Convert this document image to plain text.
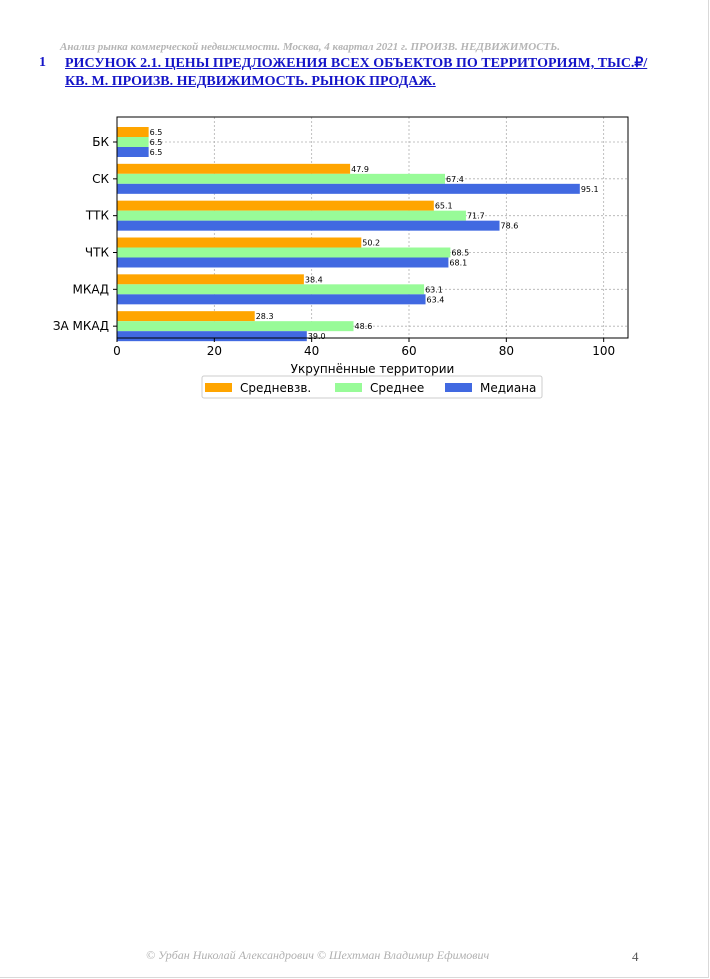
Анализ рынка коммерческой недвижимости. Москва, 4 квартал 2021 г. ПРОИЗВ. НЕДВИЖИМОСТЬ.
1 РИСУНОК 2.1. ЦЕНЫ ПРЕДЛОЖЕНИЯ ВСЕХ ОБЪЕКТОВ ПО ТЕРРИТОРИЯМ, ТЫС.₽/КВ. М. ПРОИЗВ. НЕДВИЖИМОСТЬ. РЫНОК ПРОДАЖ.
6.5
6.5
6.5
47.9
67.4
95.1
65.1
71.7
78.6
50.2
68.5
68.1
38.4
63.1
63.4
28.3
48.6
39.0
БК
СК
ТТК
ЧТК
МКАД
ЗА МКАД
0	20	40	60	80	100
Укрупнённые территории
Средневзв.	Среднее	Медиана
© Урбан Николай Александрович © Шехтман Владимир Ефимович	4
